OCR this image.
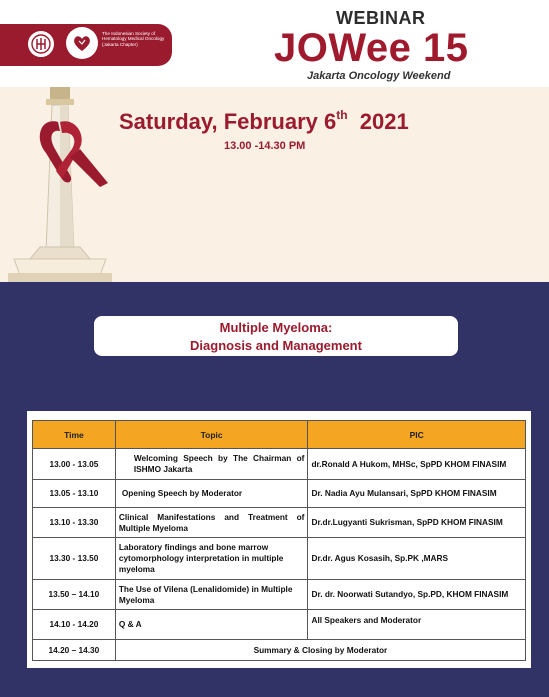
The Indonesian Society of Hematology Medical Oncology (Jakarta Chapter)
WEBINAR
JOWee 15
Jakarta Oncology Weekend
Saturday, February 6th 2021
13.00 -14.30 PM
Multiple Myeloma:
Diagnosis and Management
Time	Topic	PIC
13.00 - 13.05	Welcoming Speech by The Chairman of ISHMO Jakarta	dr.Ronald A Hukom, MHSc, SpPD KHOM FINASIM
13.05 - 13.10	Opening Speech by Moderator	Dr. Nadia Ayu Mulansari, SpPD KHOM FINASIM
13.10 - 13.30	Clinical Manifestations and Treatment of Multiple Myeloma	Dr.dr.Lugyanti Sukrisman, SpPD KHOM FINASIM
13.30 - 13.50	Laboratory findings and bone marrow cytomorphology interpretation in multiple myeloma	Dr.dr. Agus Kosasih, Sp.PK ,MARS
13.50 – 14.10	The Use of Vilena (Lenalidomide) in Multiple Myeloma	Dr. dr. Noorwati Sutandyo, Sp.PD, KHOM FINASIM
14.10 - 14.20	Q & A	All Speakers and Moderator
14.20 – 14.30	Summary & Closing by Moderator	
